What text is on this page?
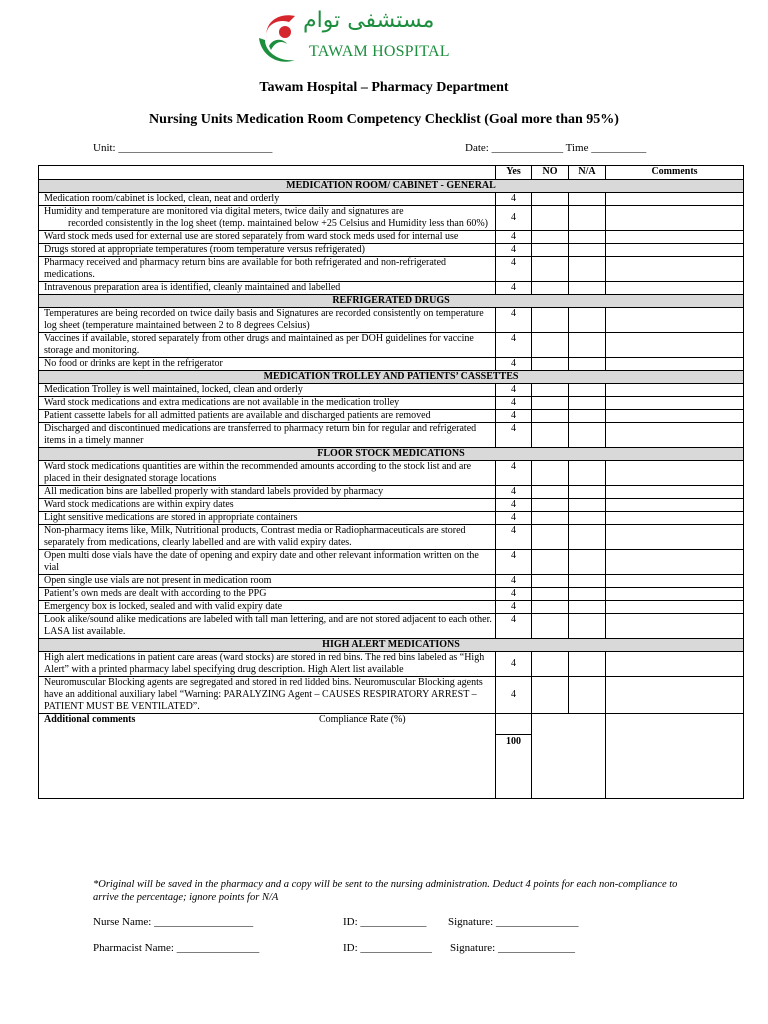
مستشفى توام
TAWAM HOSPITAL
Tawam Hospital – Pharmacy Department
Nursing Units Medication Room Competency Checklist (Goal more than 95%)
Unit: ____________________________	Date: _____________ Time __________
	Yes	NO	N/A	Comments
MEDICATION ROOM/ CABINET - GENERAL				
Medication room/cabinet is locked, clean, neat and orderly	4			

Humidity and temperature are monitored via digital meters, twice daily and signatures are
recorded consistently in the log sheet (temp. maintained below +25 Celsius and Humidity less than 60%)	4			
Ward stock meds used for external use are stored separately from ward stock meds used for internal use	4			
Drugs stored at appropriate temperatures (room temperature versus refrigerated)	4			
Pharmacy received and pharmacy return bins are available for both refrigerated and non-refrigerated medications.	4			
Intravenous preparation area is identified, cleanly maintained and labelled	4			
REFRIGERATED DRUGS				
Temperatures are being recorded on twice daily basis and Signatures are recorded consistently on temperature log sheet (temperature maintained between 2 to 8 degrees Celsius)	4			
Vaccines if available, stored separately from other drugs and maintained as per DOH guidelines for vaccine storage and monitoring.	4			
No food or drinks are kept in the refrigerator	4			
MEDICATION TROLLEY AND PATIENTS’ CASSETTES				
Medication Trolley is well maintained, locked, clean and orderly	4			
Ward stock medications and extra medications are not available in the medication trolley	4			
Patient cassette labels for all admitted patients are available and discharged patients are removed	4			
Discharged and discontinued medications are transferred to pharmacy return bin for regular and refrigerated items in a timely manner	4			
FLOOR STOCK MEDICATIONS				
Ward stock medications quantities are within the recommended amounts according to the stock list and are placed in their designated storage locations	4			
All medication bins are labelled properly with standard labels provided by pharmacy	4			
Ward stock medications are within expiry dates	4			
Light sensitive medications are stored in appropriate containers	4			
Non-pharmacy items like, Milk, Nutritional products, Contrast media or Radiopharmaceuticals are stored separately from medications, clearly labelled and are with valid expiry dates.	4			
Open multi dose vials have the date of opening and expiry date and other relevant information written on the vial	4			
Open single use vials are not present in medication room	4			
Patient’s own meds are dealt with according to the PPG	4			
Emergency box is locked, sealed and with valid expiry date	4			
Look alike/sound alike medications are labeled with tall man lettering, and are not stored adjacent to each other. LASA list available.	4			
HIGH ALERT MEDICATIONS				
High alert medications in patient care areas (ward stocks) are stored in red bins. The red bins labeled as “High Alert” with a printed pharmacy label specifying drug description. High Alert list available	4			
Neuromuscular Blocking agents are segregated and stored in red lidded bins. Neuromuscular Blocking agents have an additional auxiliary label “Warning: PARALYZING Agent – CAUSES RESPIRATORY ARREST – PATIENT MUST BE VENTILATED”.	4			

Additional comments Compliance Rate (%)	100			

*Original will be saved in the pharmacy and a copy will be sent to the nursing administration. Deduct 4 points for each non-compliance to arrive the percentage; ignore points for N/A
Nurse Name: __________________	ID: ____________ Signature: _______________
Pharmacist Name: _______________	ID: _____________ Signature: ______________
